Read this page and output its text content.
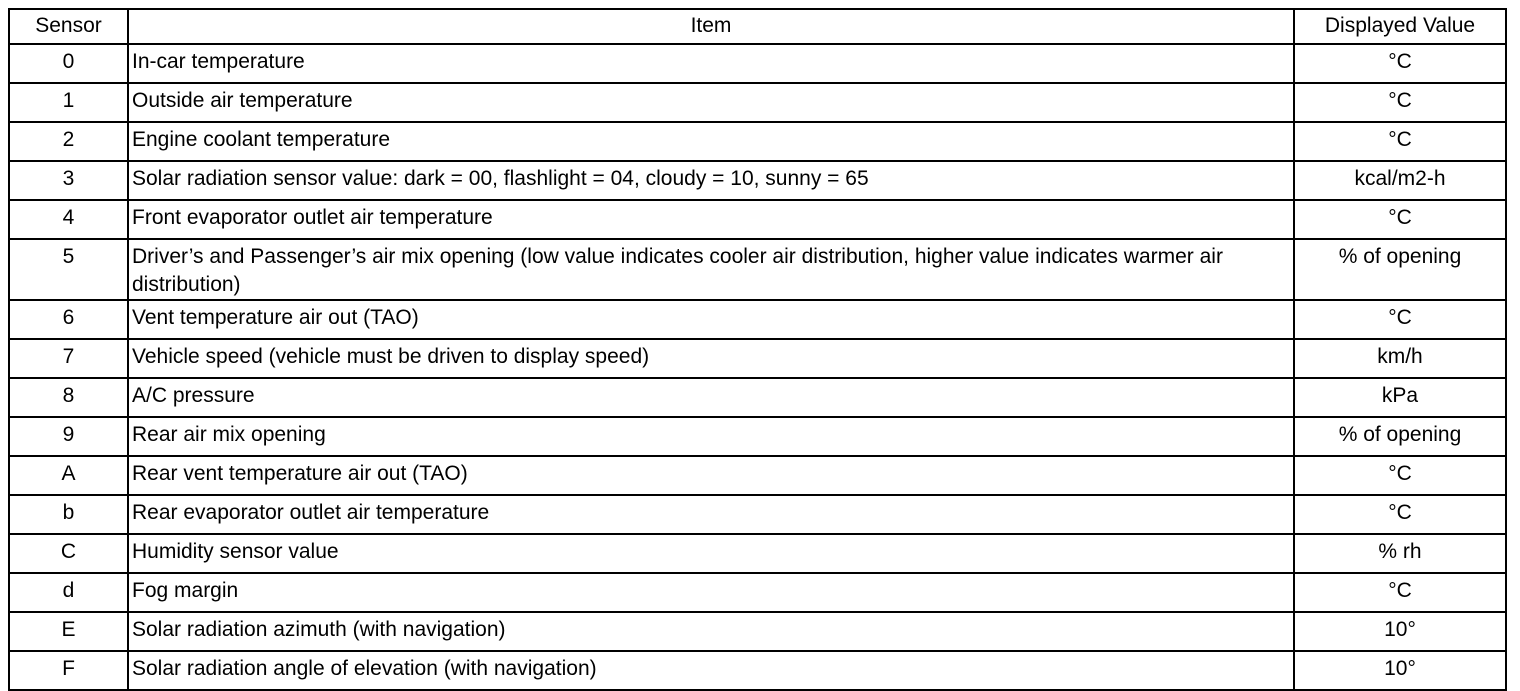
Sensor	Item	Displayed Value
0	In-car temperature	°C
1	Outside air temperature	°C
2	Engine coolant temperature	°C
3	Solar radiation sensor value: dark = 00, flashlight = 04, cloudy = 10, sunny = 65	kcal/m2-h
4	Front evaporator outlet air temperature	°C
5	Driver’s and Passenger’s air mix opening (low value indicates cooler air distribution, higher value indicates warmer air distribution)	% of opening
6	Vent temperature air out (TAO)	°C
7	Vehicle speed (vehicle must be driven to display speed)	km/h
8	A/C pressure	kPa
9	Rear air mix opening	% of opening
A	Rear vent temperature air out (TAO)	°C
b	Rear evaporator outlet air temperature	°C
C	Humidity sensor value	% rh
d	Fog margin	°C
E	Solar radiation azimuth (with navigation)	10°
F	Solar radiation angle of elevation (with navigation)	10°
